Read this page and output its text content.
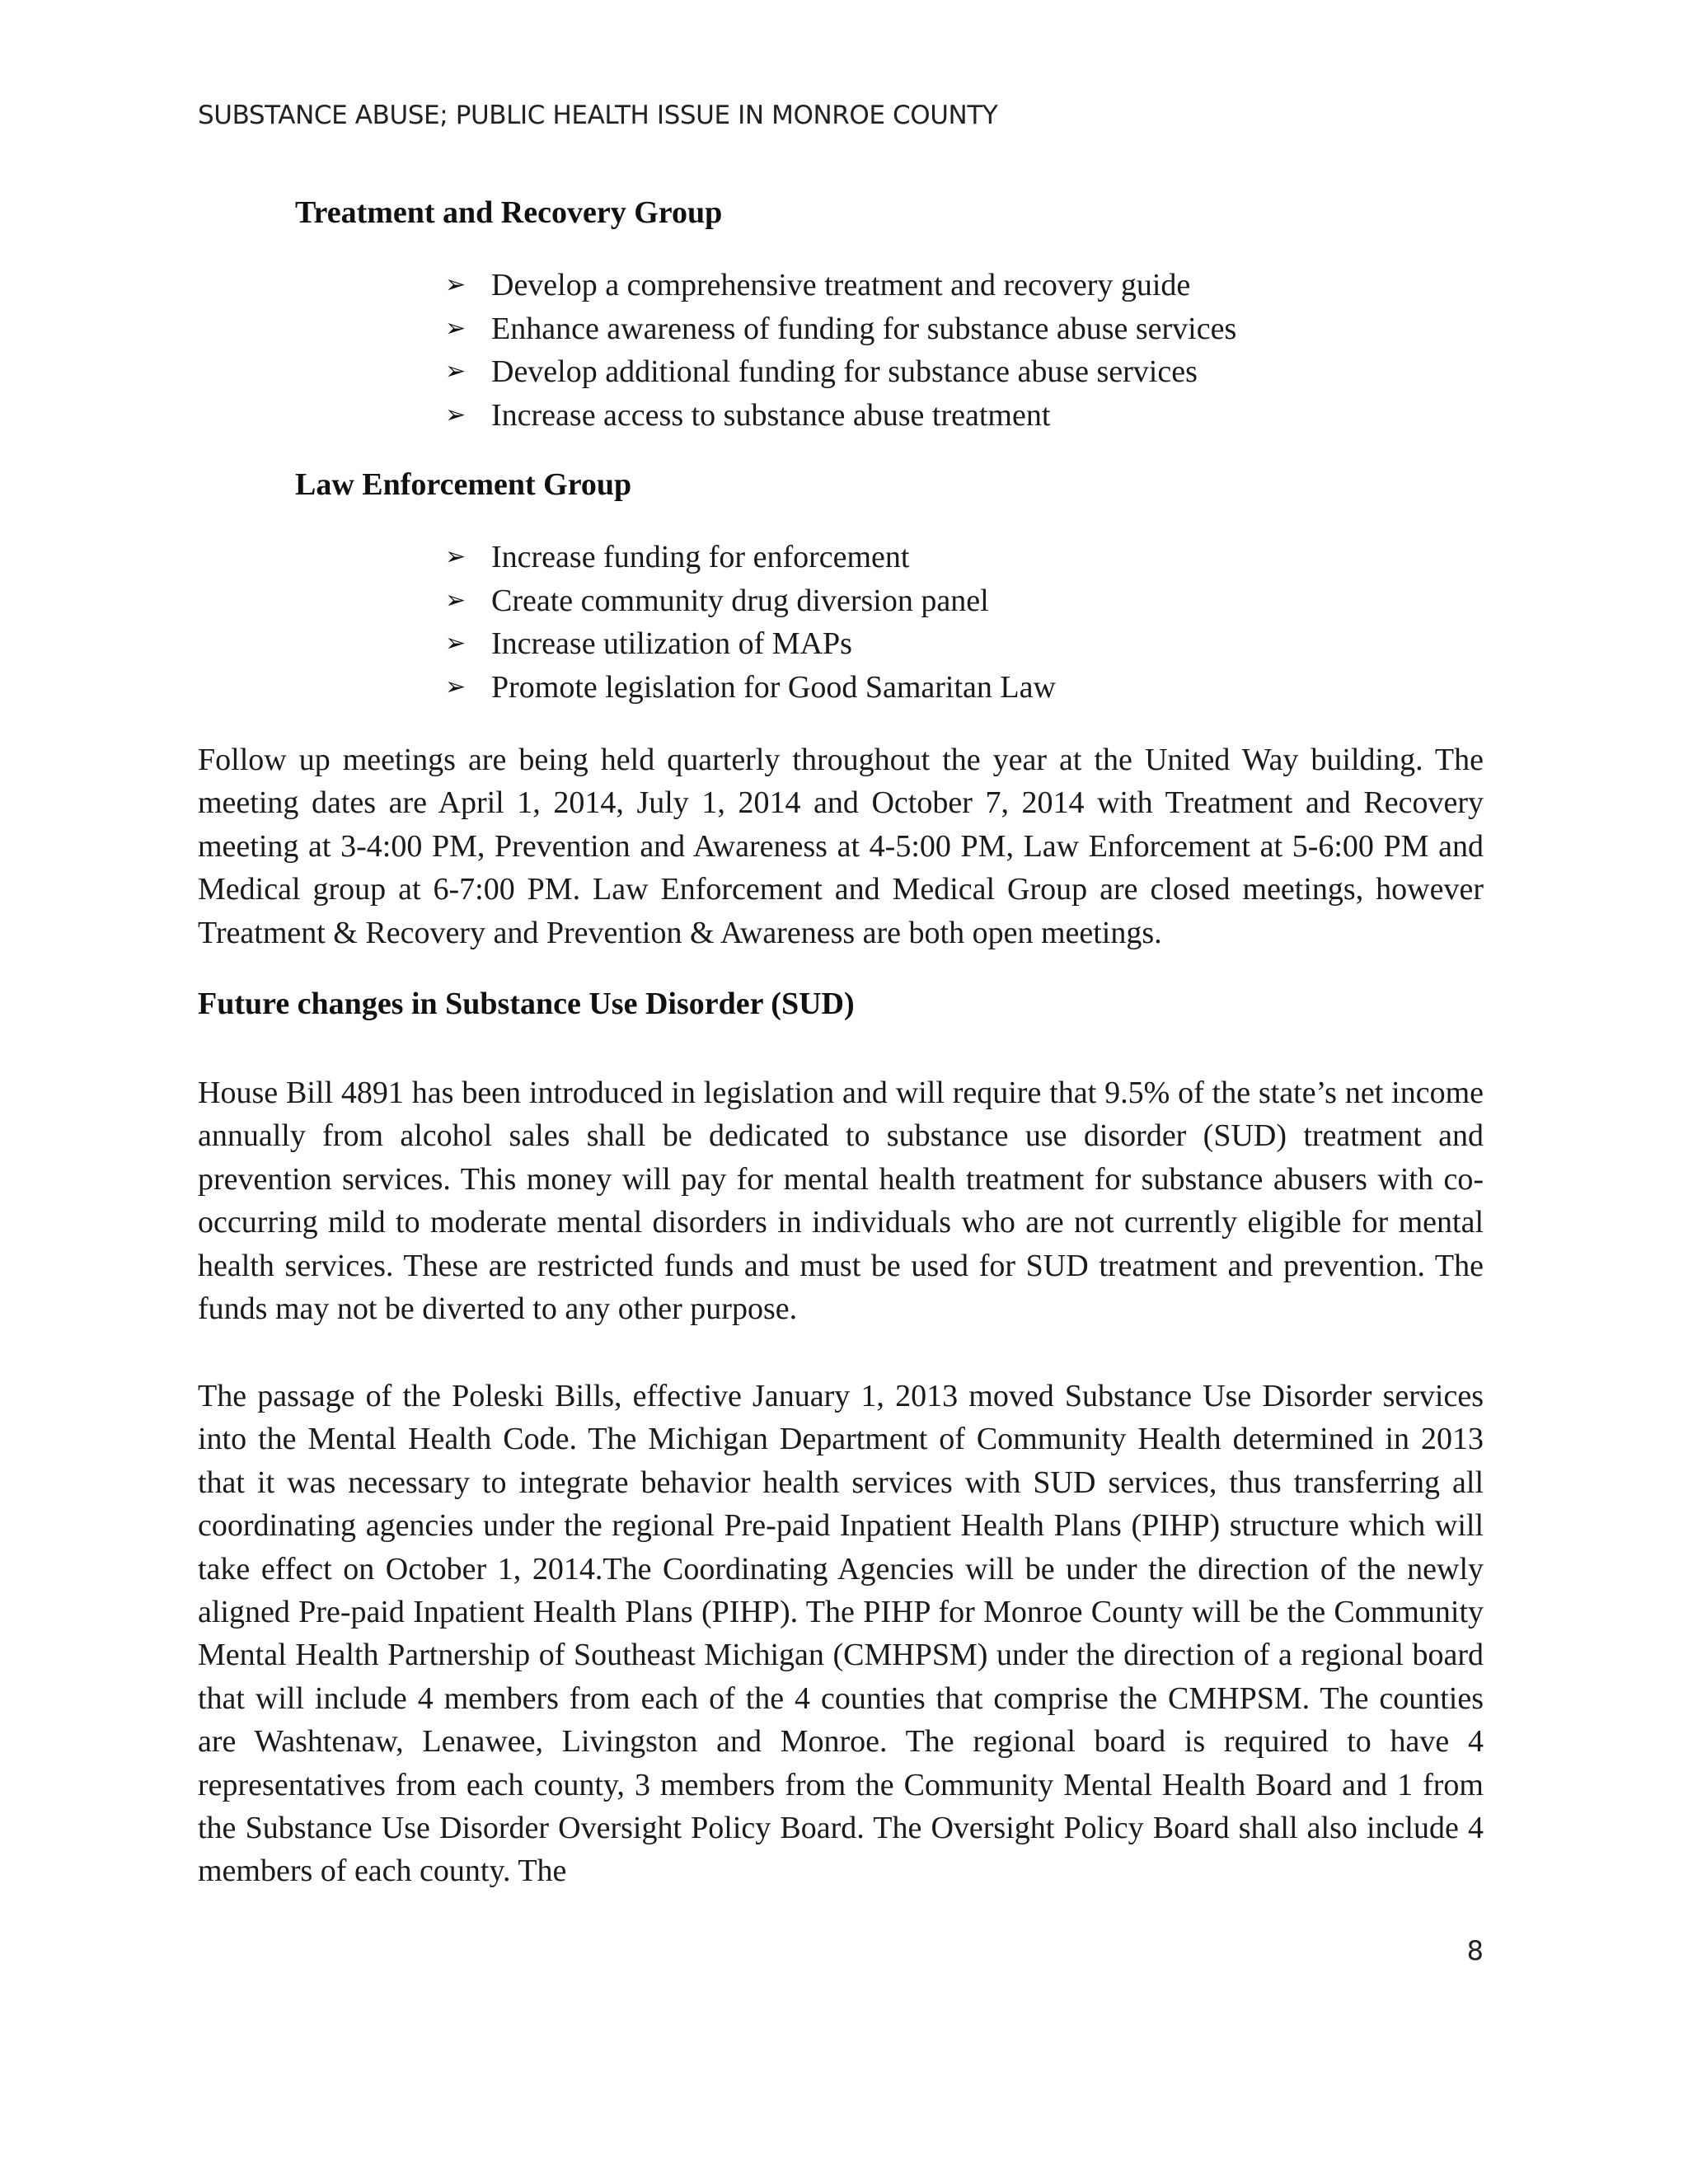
SUBSTANCE ABUSE; PUBLIC HEALTH ISSUE IN MONROE COUNTY
Treatment and Recovery Group
➢ Develop a comprehensive treatment and recovery guide
➢ Enhance awareness of funding for substance abuse services
➢ Develop additional funding for substance abuse services
➢ Increase access to substance abuse treatment
Law Enforcement Group
➢ Increase funding for enforcement
➢ Create community drug diversion panel
➢ Increase utilization of MAPs
➢ Promote legislation for Good Samaritan Law

Follow up meetings are being held quarterly throughout the year at the United Way building. The meeting dates are April 1, 2014, July 1, 2014 and October 7, 2014 with Treatment and Recovery meeting at 3-4:00 PM, Prevention and Awareness at 4-5:00 PM, Law Enforcement at 5-6:00 PM and Medical group at 6-7:00 PM. Law Enforcement and Medical Group are closed meetings, however Treatment & Recovery and Prevention & Awareness are both open meetings.

Future changes in Substance Use Disorder (SUD)

House Bill 4891 has been introduced in legislation and will require that 9.5% of the state’s net income annually from alcohol sales shall be dedicated to substance use disorder (SUD) treatment and prevention services. This money will pay for mental health treatment for substance abusers with co-occurring mild to moderate mental disorders in individuals who are not currently eligible for mental health services. These are restricted funds and must be used for SUD treatment and prevention. The funds may not be diverted to any other purpose.

The passage of the Poleski Bills, effective January 1, 2013 moved Substance Use Disorder services into the Mental Health Code. The Michigan Department of Community Health determined in 2013 that it was necessary to integrate behavior health services with SUD services, thus transferring all coordinating agencies under the regional Pre-paid Inpatient Health Plans (PIHP) structure which will take effect on October 1, 2014.The Coordinating Agencies will be under the direction of the newly aligned Pre-paid Inpatient Health Plans (PIHP). The PIHP for Monroe County will be the Community Mental Health Partnership of Southeast Michigan (CMHPSM) under the direction of a regional board that will include 4 members from each of the 4 counties that comprise the CMHPSM. The counties are Washtenaw, Lenawee, Livingston and Monroe. The regional board is required to have 4 representatives from each county, 3 members from the Community Mental Health Board and 1 from the Substance Use Disorder Oversight Policy Board. The Oversight Policy Board shall also include 4 members of each county. The

8
